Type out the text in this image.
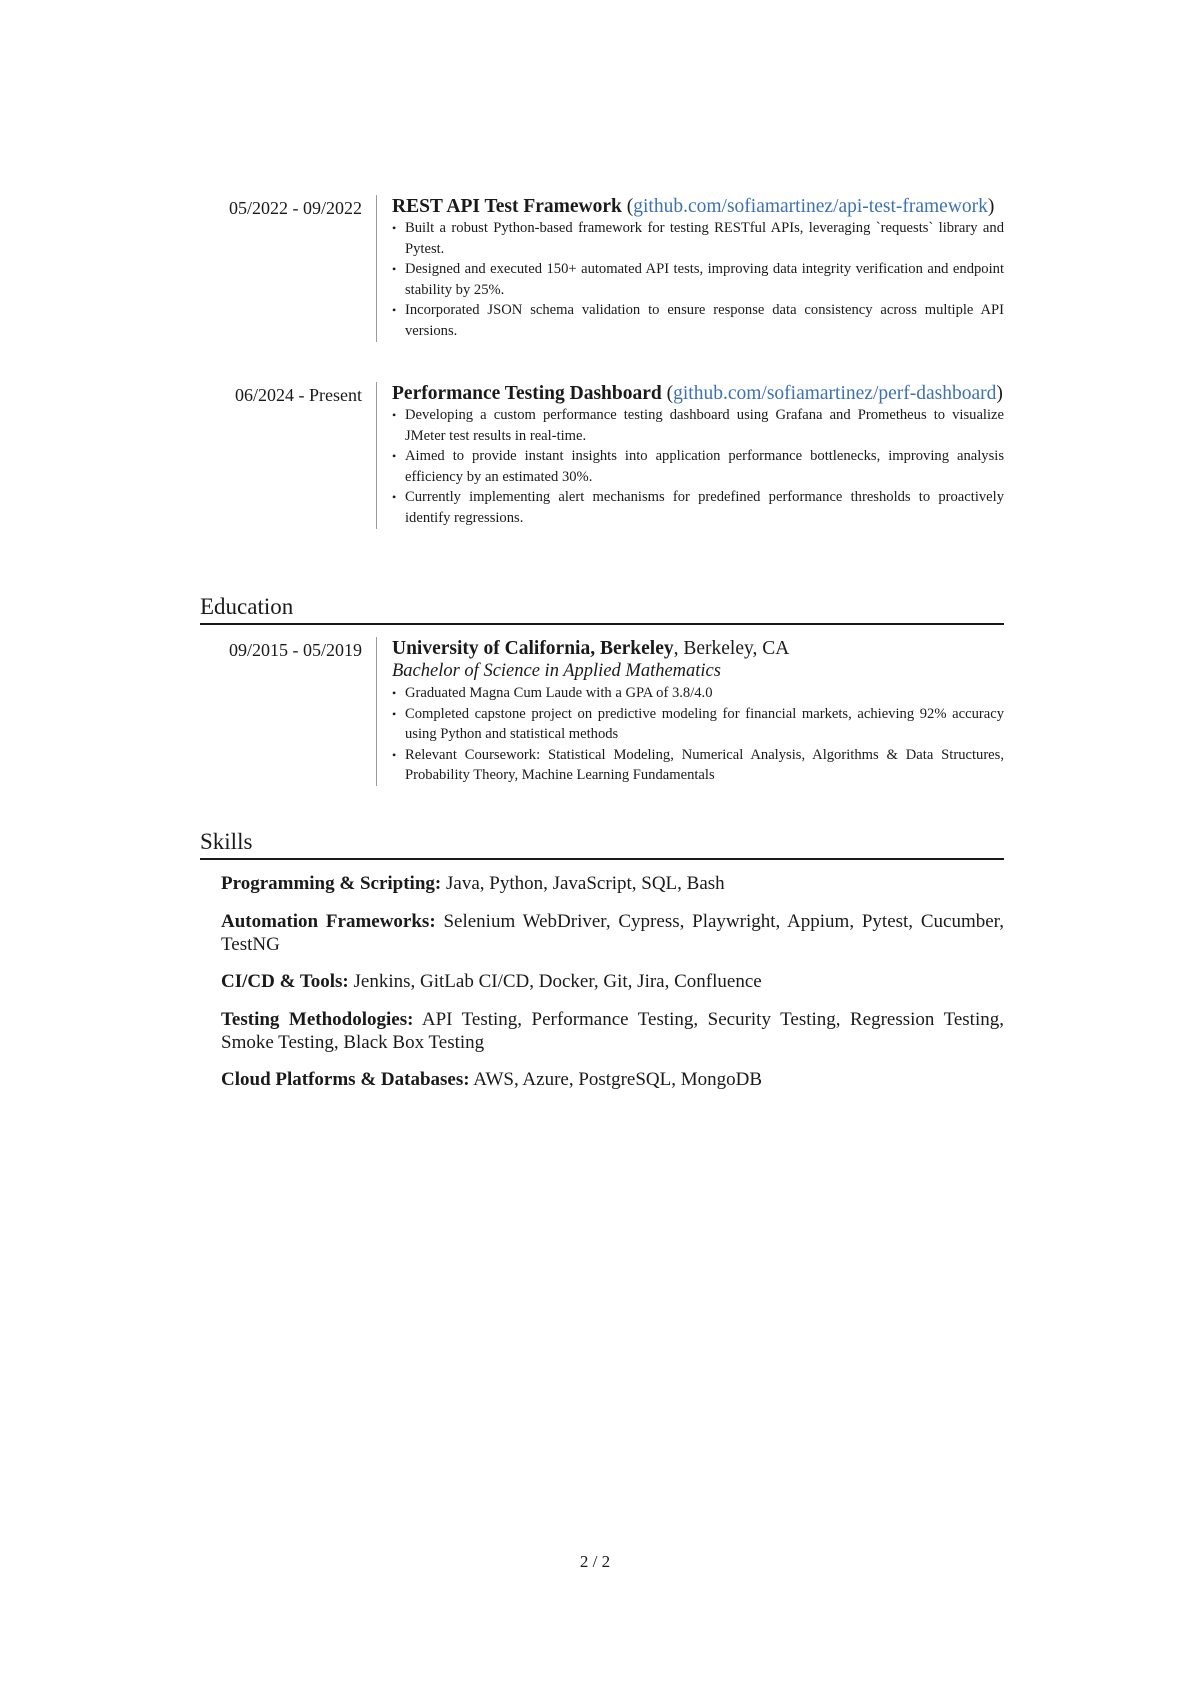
05/2022 - 09/2022	REST API Test Framework (github.com/sofiamartinez/api-test-framework)
• Built a robust Python-based framework for testing RESTful APIs, leveraging `requests` library and Pytest.
• Designed and executed 150+ automated API tests, improving data integrity verification and endpoint stability by 25%.
• Incorporated JSON schema validation to ensure response data consistency across multiple API versions.
06/2024 - Present	Performance Testing Dashboard (github.com/sofiamartinez/perf-dashboard)
• Developing a custom performance testing dashboard using Grafana and Prometheus to visualize JMeter test results in real-time.
• Aimed to provide instant insights into application performance bottlenecks, improving analysis efficiency by an estimated 30%.
• Currently implementing alert mechanisms for predefined performance thresholds to proactively identify regressions.
Education
09/2015 - 05/2019	University of California, Berkeley, Berkeley, CA
Bachelor of Science in Applied Mathematics
• Graduated Magna Cum Laude with a GPA of 3.8/4.0
• Completed capstone project on predictive modeling for financial markets, achieving 92% accuracy using Python and statistical methods
• Relevant Coursework: Statistical Modeling, Numerical Analysis, Algorithms & Data Structures, Probability Theory, Machine Learning Fundamentals
Skills
Programming & Scripting: Java, Python, JavaScript, SQL, Bash
Automation Frameworks: Selenium WebDriver, Cypress, Playwright, Appium, Pytest, Cucumber, TestNG
CI/CD & Tools: Jenkins, GitLab CI/CD, Docker, Git, Jira, Confluence
Testing Methodologies: API Testing, Performance Testing, Security Testing, Regression Testing, Smoke Testing, Black Box Testing
Cloud Platforms & Databases: AWS, Azure, PostgreSQL, MongoDB
2 / 2
